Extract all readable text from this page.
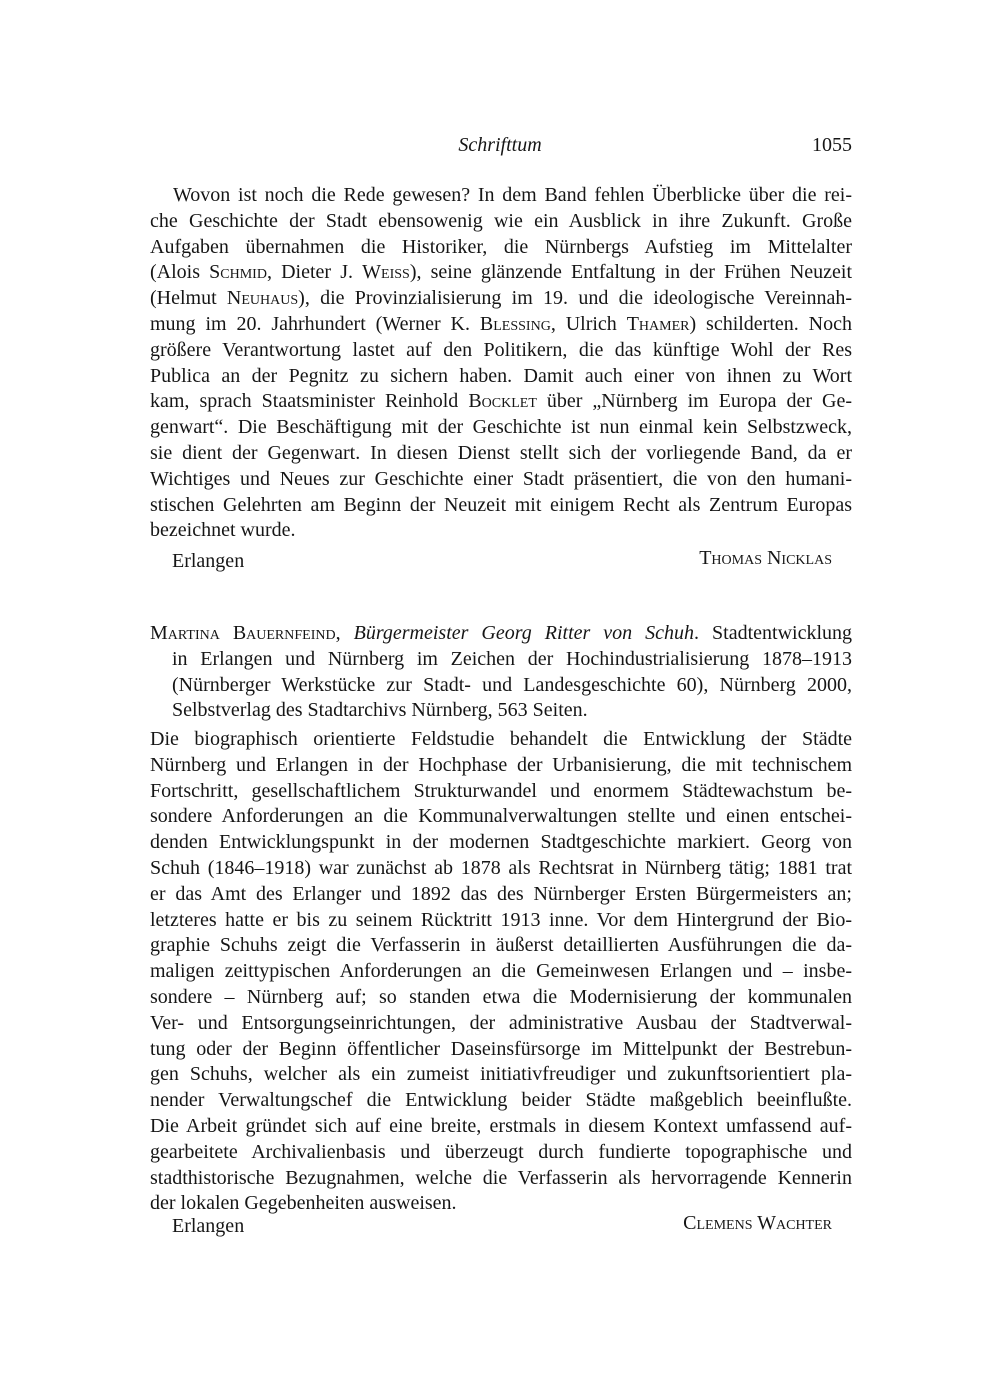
Schrifttum	1055
Wovon ist noch die Rede gewesen? In dem Band fehlen Überblicke über die rei-
che Geschichte der Stadt ebensowenig wie ein Ausblick in ihre Zukunft. Große
Aufgaben übernahmen die Historiker, die Nürnbergs Aufstieg im Mittelalter
(Alois Schmid, Dieter J. Weiss), seine glänzende Entfaltung in der Frühen Neuzeit
(Helmut Neuhaus), die Provinzialisierung im 19. und die ideologische Vereinnah-
mung im 20. Jahrhundert (Werner K. Blessing, Ulrich Thamer) schilderten. Noch
größere Verantwortung lastet auf den Politikern, die das künftige Wohl der Res
Publica an der Pegnitz zu sichern haben. Damit auch einer von ihnen zu Wort
kam, sprach Staatsminister Reinhold Bocklet über „Nürnberg im Europa der Ge-
genwart“. Die Beschäftigung mit der Geschichte ist nun einmal kein Selbstzweck,
sie dient der Gegenwart. In diesen Dienst stellt sich der vorliegende Band, da er
Wichtiges und Neues zur Geschichte einer Stadt präsentiert, die von den humani-
stischen Gelehrten am Beginn der Neuzeit mit einigem Recht als Zentrum Europas
bezeichnet wurde.
Erlangen	Thomas Nicklas
Martina Bauernfeind, Bürgermeister Georg Ritter von Schuh. Stadtentwicklung
in Erlangen und Nürnberg im Zeichen der Hochindustrialisierung 1878–1913
(Nürnberger Werkstücke zur Stadt- und Landesgeschichte 60), Nürnberg 2000,
Selbstverlag des Stadtarchivs Nürnberg, 563 Seiten.
Die biographisch orientierte Feldstudie behandelt die Entwicklung der Städte
Nürnberg und Erlangen in der Hochphase der Urbanisierung, die mit technischem
Fortschritt, gesellschaftlichem Strukturwandel und enormem Städtewachstum be-
sondere Anforderungen an die Kommunalverwaltungen stellte und einen entschei-
denden Entwicklungspunkt in der modernen Stadtgeschichte markiert. Georg von
Schuh (1846–1918) war zunächst ab 1878 als Rechtsrat in Nürnberg tätig; 1881 trat
er das Amt des Erlanger und 1892 das des Nürnberger Ersten Bürgermeisters an;
letzteres hatte er bis zu seinem Rücktritt 1913 inne. Vor dem Hintergrund der Bio-
graphie Schuhs zeigt die Verfasserin in äußerst detaillierten Ausführungen die da-
maligen zeittypischen Anforderungen an die Gemeinwesen Erlangen und – insbe-
sondere – Nürnberg auf; so standen etwa die Modernisierung der kommunalen
Ver- und Entsorgungseinrichtungen, der administrative Ausbau der Stadtverwal-
tung oder der Beginn öffentlicher Daseinsfürsorge im Mittelpunkt der Bestrebun-
gen Schuhs, welcher als ein zumeist initiativfreudiger und zukunftsorientiert pla-
nender Verwaltungschef die Entwicklung beider Städte maßgeblich beeinflußte.
Die Arbeit gründet sich auf eine breite, erstmals in diesem Kontext umfassend auf-
gearbeitete Archivalienbasis und überzeugt durch fundierte topographische und
stadthistorische Bezugnahmen, welche die Verfasserin als hervorragende Kennerin
der lokalen Gegebenheiten ausweisen.
Erlangen	Clemens Wachter
